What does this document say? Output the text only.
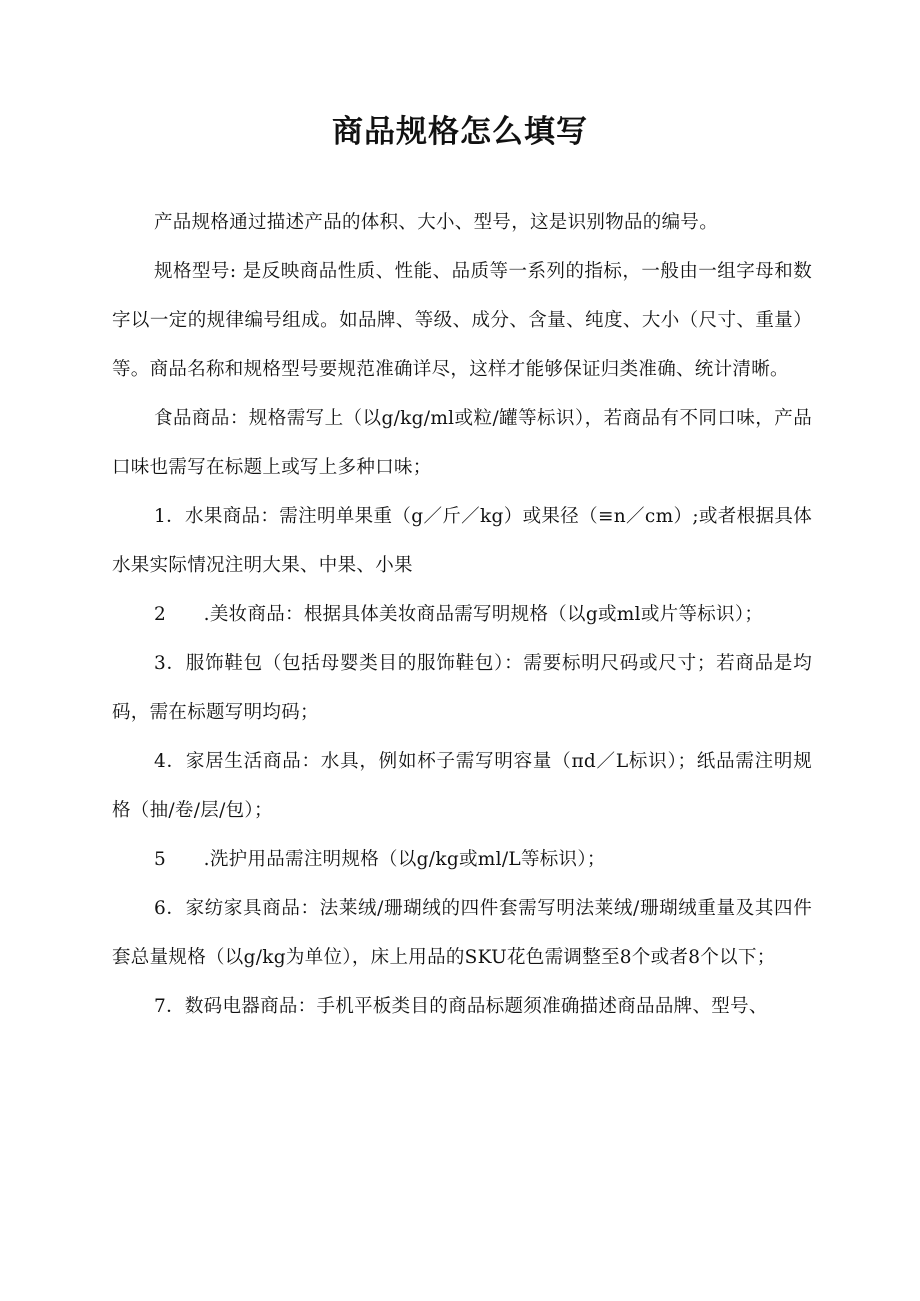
商品规格怎么填写

产品规格通过描述产品的体积、大小、型号，这是识别物品的编号。

规格型号: 是反映商品性质、性能、品质等一系列的指标，一般由一组字母和数字以一定的规律编号组成。如品牌、等级、成分、含量、纯度、大小（尺寸、重量）等。商品名称和规格型号要规范准确详尽，这样才能够保证归类准确、统计清晰。

食品商品：规格需写上（以g/kg/ml或粒/罐等标识），若商品有不同口味，产品口味也需写在标题上或写上多种口味；

1．水果商品：需注明单果重（g／斤／kg）或果径（≡n／cm）;或者根据具体水果实际情况注明大果、中果、小果

2　　.美妆商品：根据具体美妆商品需写明规格（以g或ml或片等标识）；

3．服饰鞋包（包括母婴类目的服饰鞋包）：需要标明尺码或尺寸；若商品是均码，需在标题写明均码；

4．家居生活商品：水具，例如杯子需写明容量（πd／L标识）；纸品需注明规格（抽/卷/层/包）；

5　　.洗护用品需注明规格（以g/kg或ml/L等标识）；

6．家纺家具商品：法莱绒/珊瑚绒的四件套需写明法莱绒/珊瑚绒重量及其四件套总量规格（以g/kg为单位），床上用品的SKU花色需调整至8个或者8个以下；

7．数码电器商品：手机平板类目的商品标题须准确描述商品品牌、型号、
